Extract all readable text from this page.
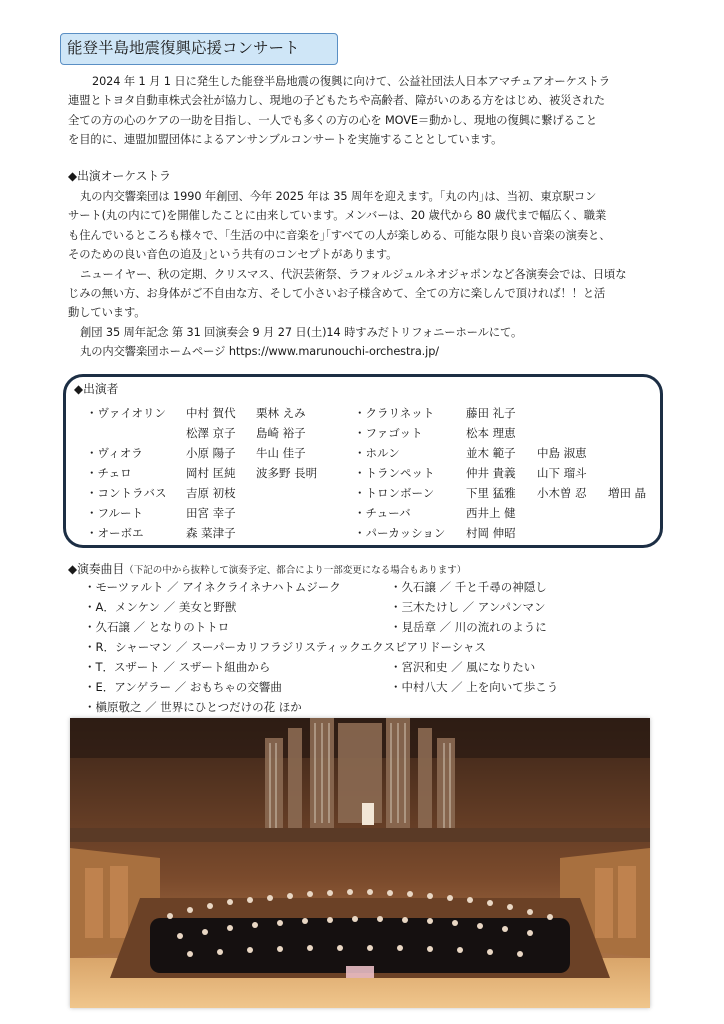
能登半島地震復興応援コンサート

2024 年 1 月 1 日に発生した能登半島地震の復興に向けて、公益社団法人日本アマチュアオーケストラ
連盟とトヨタ自動車株式会社が協力し、現地の子どもたちや高齢者、障がいのある方をはじめ、被災された
全ての方の心のケアの一助を目指し、一人でも多くの方の心を MOVE＝動かし、現地の復興に繋げること
を目的に、連盟加盟団体によるアンサンブルコンサートを実施することとしています。

◆出演オーケストラ

丸の内交響楽団は 1990 年創団、今年 2025 年は 35 周年を迎えます。｢丸の内｣は、当初、東京駅コン
サート(丸の内にて)を開催したことに由来しています。メンバーは、20 歳代から 80 歳代まで幅広く、職業
も住んでいるところも様々で、｢生活の中に音楽を｣｢すべての人が楽しめる、可能な限り良い音楽の演奏と、
そのための良い音色の追及｣という共有のコンセプトがあります。
ニューイヤー、秋の定期、クリスマス、代沢芸術祭、ラフォルジュルネオジャポンなど各演奏会では、日頃な
じみの無い方、お身体がご不自由な方、そして小さいお子様含めて、全ての方に楽しんで頂ければ！！と活
動しています。
創団 35 周年記念 第 31 回演奏会 9 月 27 日(土)14 時すみだトリフォニーホールにて。
丸の内交響楽団ホームページ https://www.marunouchi-orchestra.jp/

◆出演者
・ヴァイオリン 中村 賀代 栗林 えみ
松澤 京子 島崎 裕子
・ヴィオラ	小原 陽子 牛山 佳子
・チェロ	岡村 匡純 波多野 長明
・コントラバス 吉原 初枝
・フルート	田宮 幸子
・オーボエ	森 菜津子
・クラリネット	藤田 礼子
・ファゴット	松本 理恵
・ホルン	並木 範子 中島 淑恵
・トランペット	仲井 貴義 山下 瑠斗
・トロンボーン	下里 猛雅 小木曽 忍 増田 晶
・チューバ	西井上 健
・パーカッション 村岡 伸昭
◆演奏曲目（下記の中から抜粋して演奏予定、都合により一部変更になる場合もあります）
・モーツァルト ／ アイネクライネナハトムジーク
・A．メンケン ／ 美女と野獣
・久石譲 ／ となりのトトロ
・R．シャーマン ／ スーパーカリフラジリスティックエクスピアリドーシャス
・T．スザート ／ スザート組曲から
・E．アンゲラー ／ おもちゃの交響曲
・槇原敬之 ／ 世界にひとつだけの花 ほか
・久石譲 ／ 千と千尋の神隠し
・三木たけし ／ アンパンマン
・見岳章 ／ 川の流れのように
・宮沢和史 ／ 風になりたい
・中村八大 ／ 上を向いて歩こう
